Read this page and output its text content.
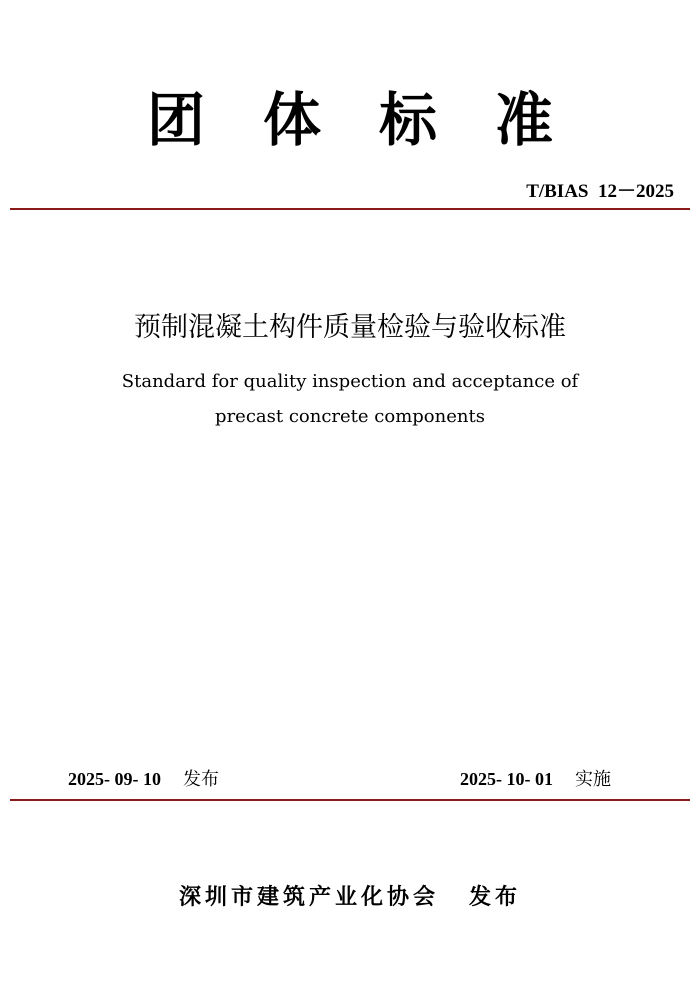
团体标准
T/BIAS  12－2025
预制混凝土构件质量检验与验收标准
Standard for quality inspection and acceptance of
precast concrete components
2025- 09- 10 发布	2025- 10- 01 实施
深圳市建筑产业化协会 发布
